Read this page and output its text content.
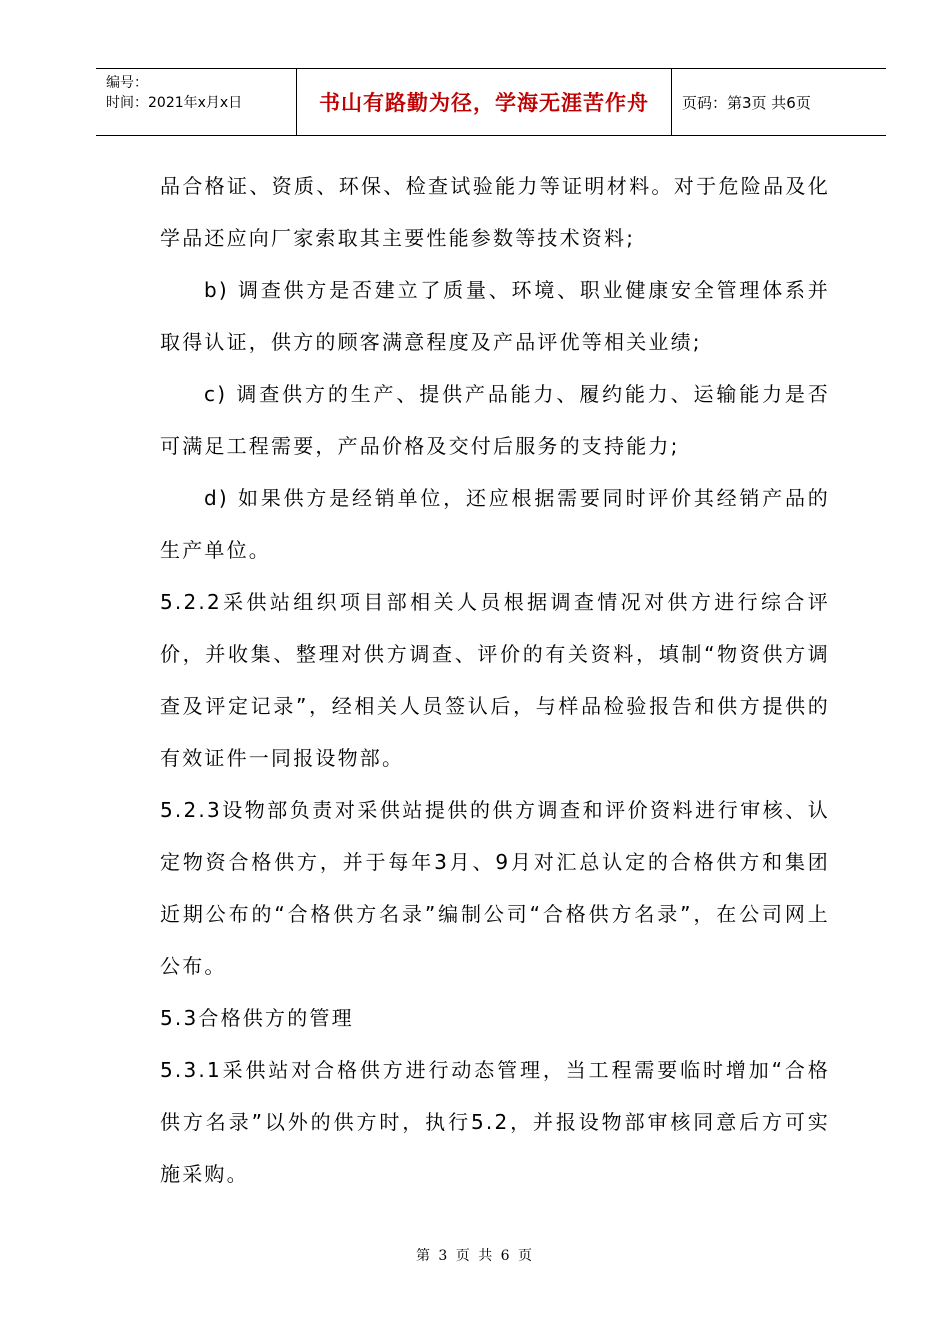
编号：
时间：2021年x月x日	书山有路勤为径，学海无涯苦作舟	页码：第3页 共6页

品合格证、资质、环保、检查试验能力等证明材料。对于危险品及化学品还应向厂家索取其主要性能参数等技术资料;

b) 调查供方是否建立了质量、环境、职业健康安全管理体系并取得认证，供方的顾客满意程度及产品评优等相关业绩;

c) 调查供方的生产、提供产品能力、履约能力、运输能力是否可满足工程需要，产品价格及交付后服务的支持能力;

d) 如果供方是经销单位，还应根据需要同时评价其经销产品的生产单位。

5.2.2采供站组织项目部相关人员根据调查情况对供方进行综合评价，并收集、整理对供方调查、评价的有关资料，填制“物资供方调查及评定记录”，经相关人员签认后，与样品检验报告和供方提供的有效证件一同报设物部。

5.2.3设物部负责对采供站提供的供方调查和评价资料进行审核、认定物资合格供方，并于每年3月、9月对汇总认定的合格供方和集团近期公布的“合格供方名录”编制公司“合格供方名录”，在公司网上公布。

5.3合格供方的管理

5.3.1采供站对合格供方进行动态管理，当工程需要临时增加“合格供方名录”以外的供方时，执行5.2，并报设物部审核同意后方可实施采购。

第 3 页 共 6 页
